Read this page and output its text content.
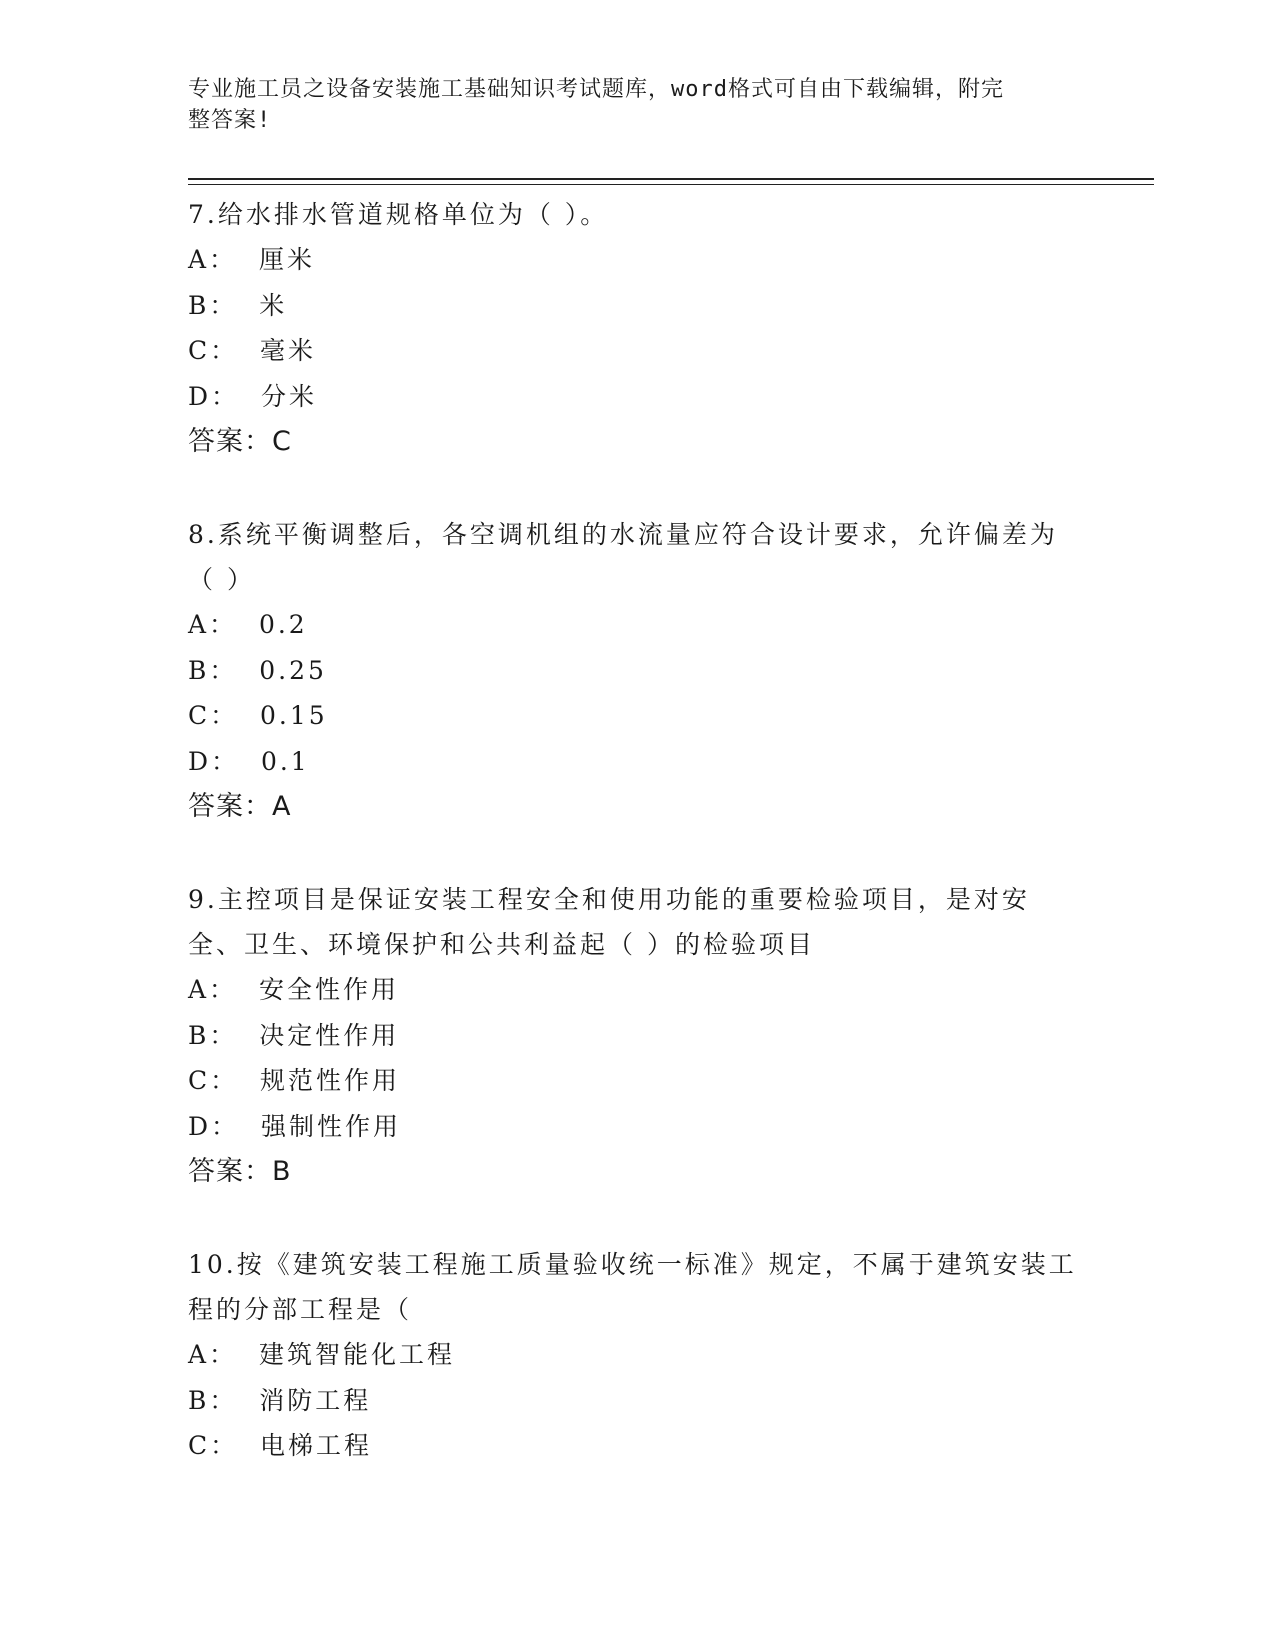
专业施工员之设备安装施工基础知识考试题库，word格式可自由下载编辑，附完
整答案!
7.给水排水管道规格单位为（ ）。
A：  厘米
B：  米
C：  毫米
D：  分米
答案：C
8.系统平衡调整后，各空调机组的水流量应符合设计要求，允许偏差为（ ）
A：  0.2
B：  0.25
C：  0.15
D：  0.1
答案：A
9.主控项目是保证安装工程安全和使用功能的重要检验项目，是对安全、卫生、环境保护和公共利益起（ ）的检验项目
A：  安全性作用
B：  决定性作用
C：  规范性作用
D：  强制性作用
答案：B
10.按《建筑安装工程施工质量验收统一标准》规定，不属于建筑安装工程的分部工程是（
A：  建筑智能化工程
B：  消防工程
C：  电梯工程
